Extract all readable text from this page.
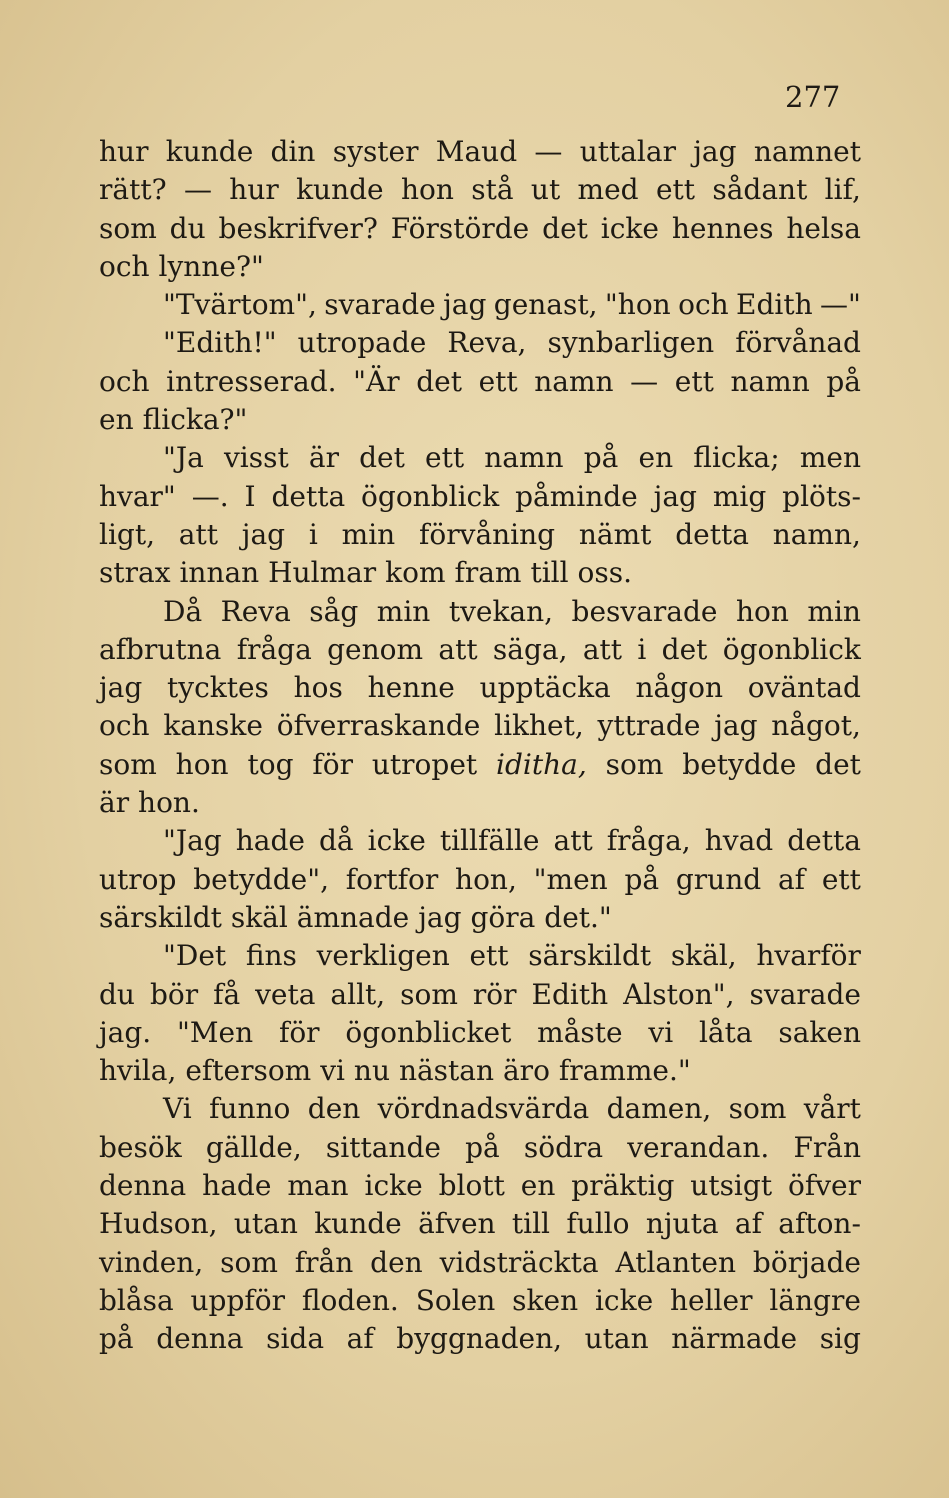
277
hur kunde din syster Maud — uttalar jag namnet
rätt? — hur kunde hon stå ut med ett sådant lif,
som du beskrifver? Förstörde det icke hennes helsa
och lynne?"
"Tvärtom", svarade jag genast, "hon och Edith —"
"Edith!" utropade Reva, synbarligen förvånad
och intresserad. "Är det ett namn — ett namn på
en flicka?"
"Ja visst är det ett namn på en flicka; men
hvar" —. I detta ögonblick påminde jag mig plöts-
ligt, att jag i min förvåning nämt detta namn,
strax innan Hulmar kom fram till oss.
Då Reva såg min tvekan, besvarade hon min
afbrutna fråga genom att säga, att i det ögonblick
jag tycktes hos henne upptäcka någon oväntad
och kanske öfverraskande likhet, yttrade jag något,
som hon tog för utropet iditha, som betydde det
är hon.
"Jag hade då icke tillfälle att fråga, hvad detta
utrop betydde", fortfor hon, "men på grund af ett
särskildt skäl ämnade jag göra det."
"Det fins verkligen ett särskildt skäl, hvarför
du bör få veta allt, som rör Edith Alston", svarade
jag. "Men för ögonblicket måste vi låta saken
hvila, eftersom vi nu nästan äro framme."
Vi funno den vördnadsvärda damen, som vårt
besök gällde, sittande på södra verandan. Från
denna hade man icke blott en präktig utsigt öfver
Hudson, utan kunde äfven till fullo njuta af afton-
vinden, som från den vidsträckta Atlanten började
blåsa uppför floden. Solen sken icke heller längre
på denna sida af byggnaden, utan närmade sig
